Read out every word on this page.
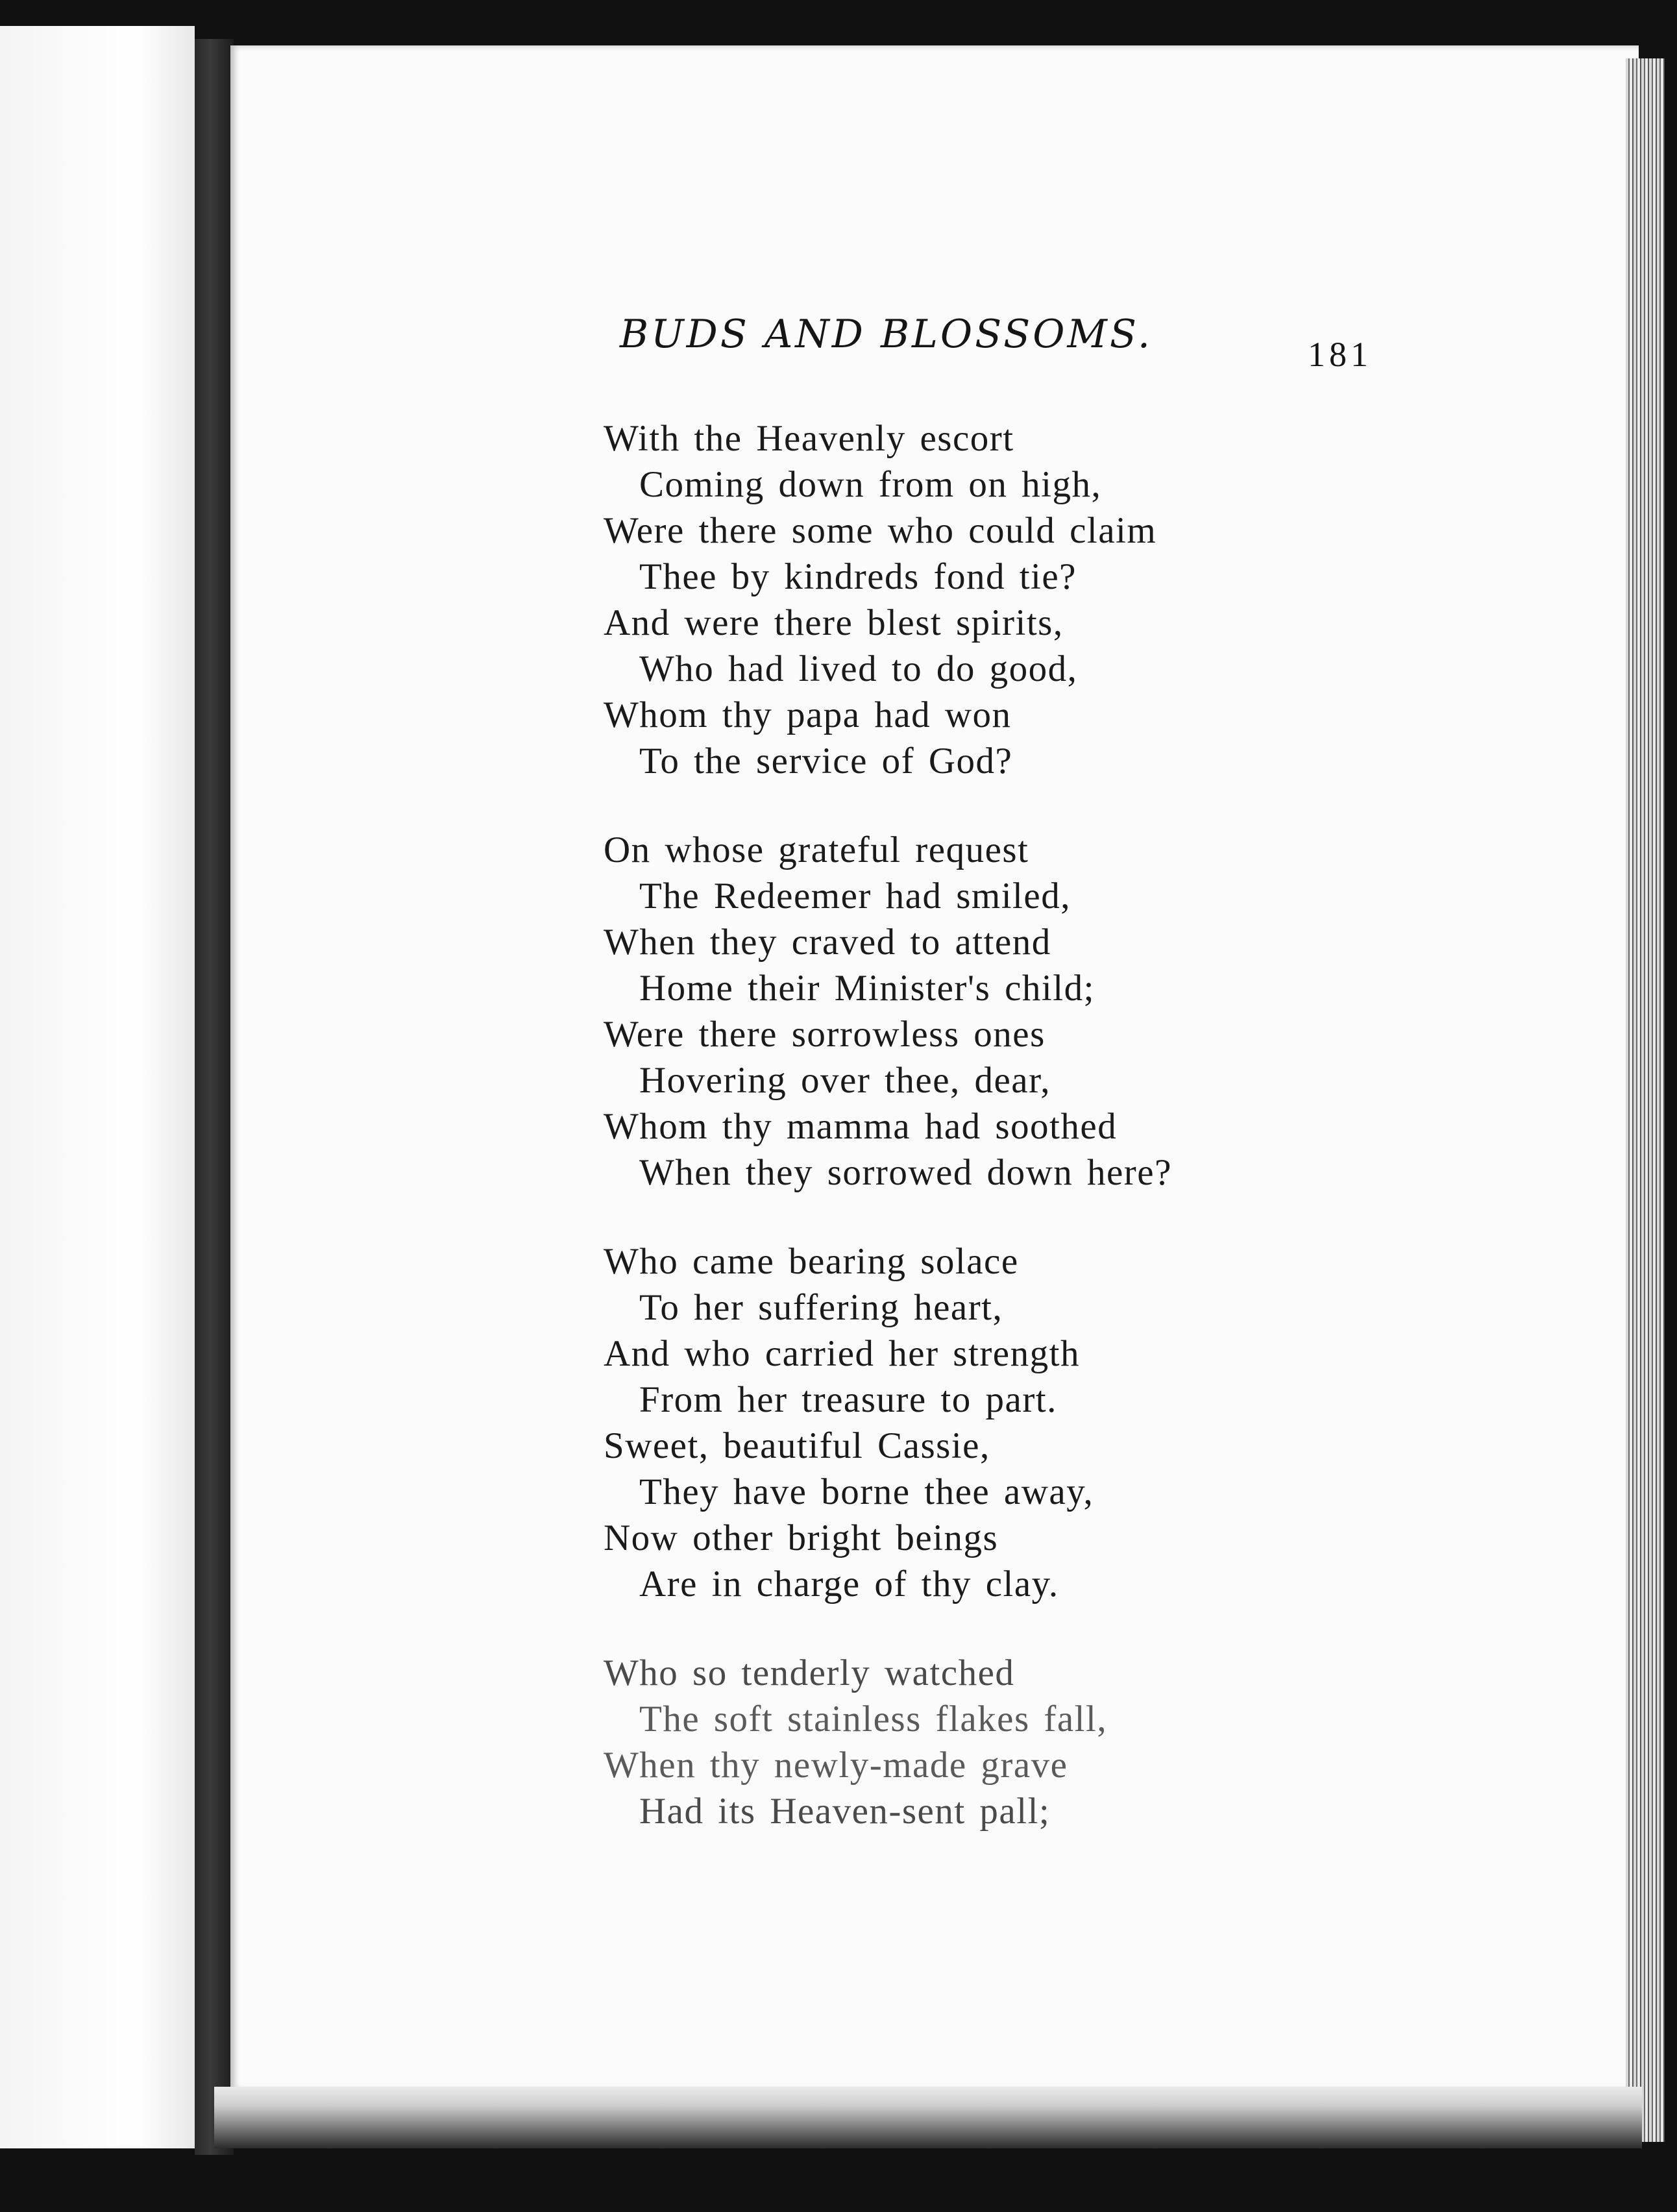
BUDS AND BLOSSOMS.	181
With the Heavenly escort
Coming down from on high,
Were there some who could claim
Thee by kindreds fond tie?
And were there blest spirits,
Who had lived to do good,
Whom thy papa had won
To the service of God?
On whose grateful request
The Redeemer had smiled,
When they craved to attend
Home their Minister's child;
Were there sorrowless ones
Hovering over thee, dear,
Whom thy mamma had soothed
When they sorrowed down here?
Who came bearing solace
To her suffering heart,
And who carried her strength
From her treasure to part.
Sweet, beautiful Cassie,
They have borne thee away,
Now other bright beings
Are in charge of thy clay.
Who so tenderly watched
The soft stainless flakes fall,
When thy newly-made grave
Had its Heaven-sent pall;
